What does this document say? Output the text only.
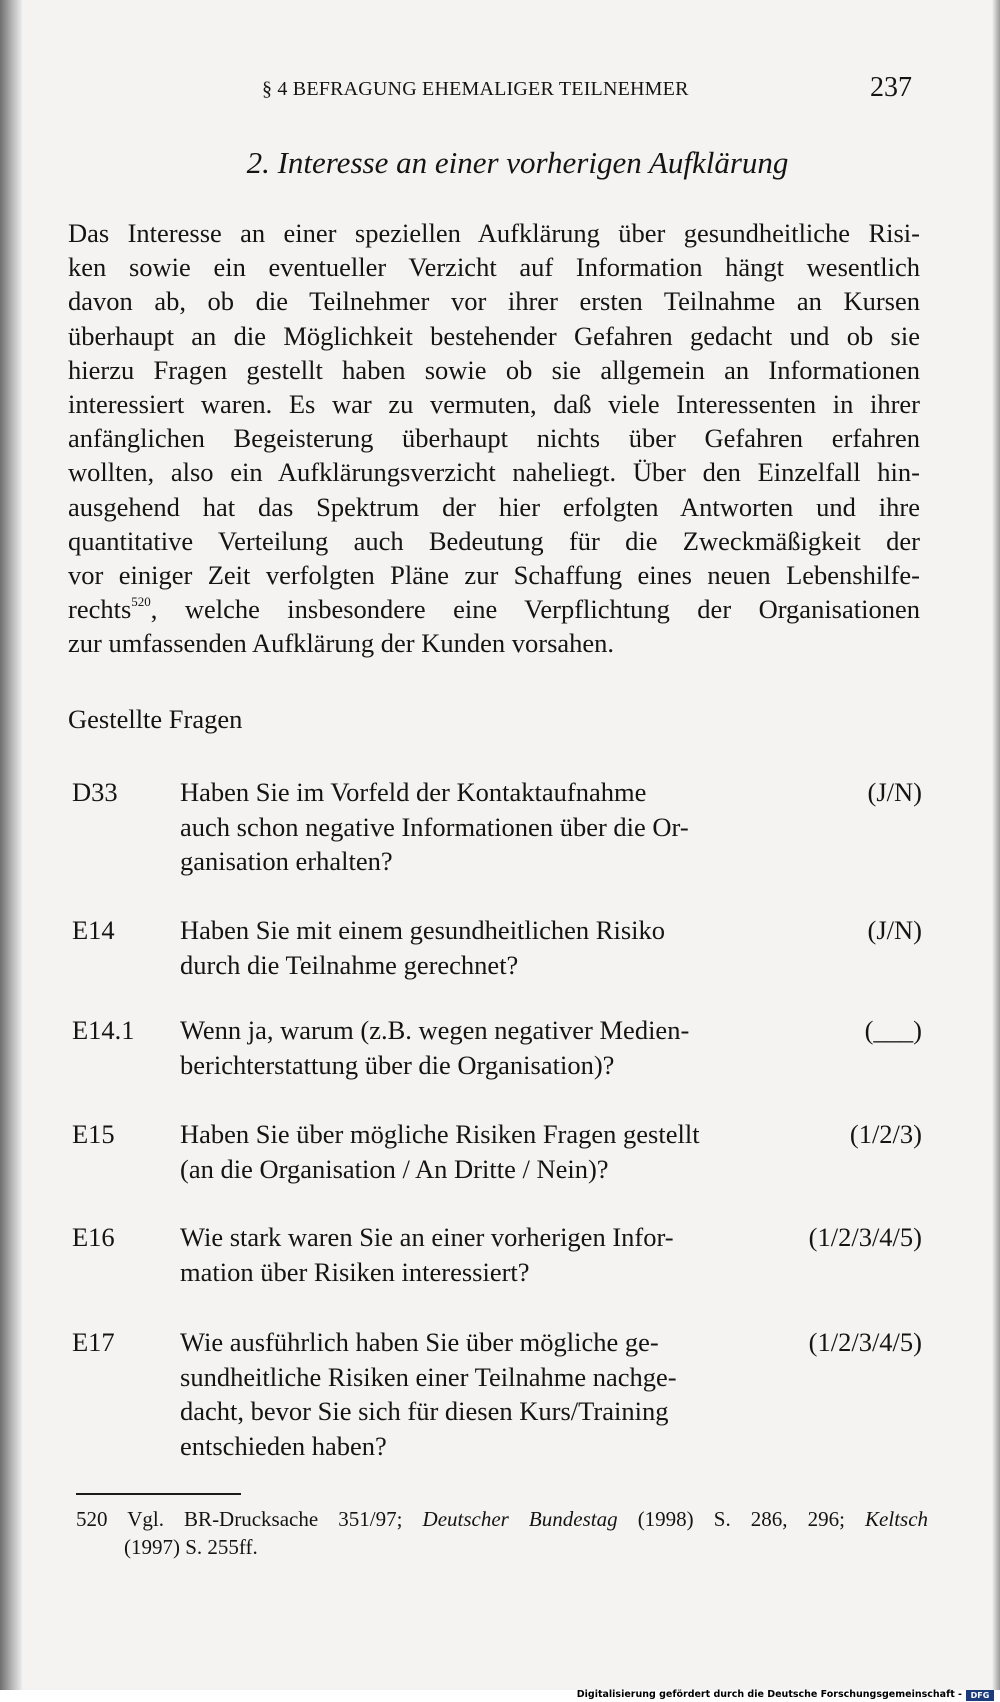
§ 4 BEFRAGUNG EHEMALIGER TEILNEHMER	237
2. Interesse an einer vorherigen Aufklärung
Das Interesse an einer speziellen Aufklärung über gesundheitliche Risi-
ken sowie ein eventueller Verzicht auf Information hängt wesentlich
davon ab, ob die Teilnehmer vor ihrer ersten Teilnahme an Kursen
überhaupt an die Möglichkeit bestehender Gefahren gedacht und ob sie
hierzu Fragen gestellt haben sowie ob sie allgemein an Informationen
interessiert waren. Es war zu vermuten, daß viele Interessenten in ihrer
anfänglichen Begeisterung überhaupt nichts über Gefahren erfahren
wollten, also ein Aufklärungsverzicht naheliegt. Über den Einzelfall hin-
ausgehend hat das Spektrum der hier erfolgten Antworten und ihre
quantitative Verteilung auch Bedeutung für die Zweckmäßigkeit der
vor einiger Zeit verfolgten Pläne zur Schaffung eines neuen Lebenshilfe-
rechts$^{520}$, welche insbesondere eine Verpflichtung der Organisationen
zur umfassenden Aufklärung der Kunden vorsahen.
Gestellte Fragen
D33 Haben Sie im Vorfeld der Kontaktaufnahme
auch schon negative Informationen über die Or-
ganisation erhalten?
(J/N)
E14 Haben Sie mit einem gesundheitlichen Risiko
durch die Teilnahme gerechnet?
(J/N)
E14.1 Wenn ja, warum (z.B. wegen negativer Medien-
berichterstattung über die Organisation)?
(___)
E15 Haben Sie über mögliche Risiken Fragen gestellt
(an die Organisation / An Dritte / Nein)?
(1/2/3)
E16 Wie stark waren Sie an einer vorherigen Infor-
mation über Risiken interessiert?
(1/2/3/4/5)
E17 Wie ausführlich haben Sie über mögliche ge-
sundheitliche Risiken einer Teilnahme nachge-
dacht, bevor Sie sich für diesen Kurs/Training
entschieden haben?
(1/2/3/4/5)
520 Vgl. BR-Drucksache 351/97; Deutscher Bundestag (1998) S. 286, 296; Keltsch
(1997) S. 255ff.
Digitalisierung gefördert durch die Deutsche Forschungsgemeinschaft -	DFG
